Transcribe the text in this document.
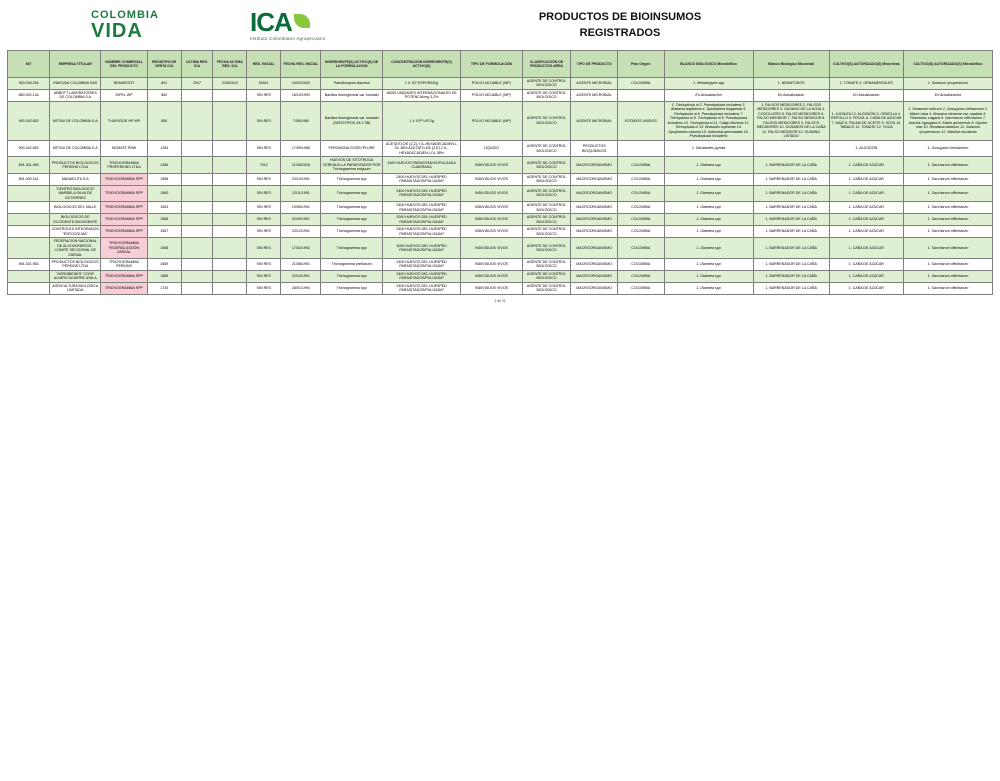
COLOMBIA
VIDA	ICA
Instituto Colombiano Agropecuario
PRODUCTOS DE BIOINSUMOS
REGISTRADOS
NIT	EMPRESA TITULAR	NOMBRE COMERCIAL DEL PRODUCTO	REGISTRO DE VENTA ICA	ULTIMA RES. ICA	FECHA ULTIMA RES. ICA	RES. INICIAL	FECHA RES. INICIAL	INGREDIENTE(S) ACTIVO(S) DE LA FORMULACION	CONCENTRACIÓN INGREDIENTE(S) ACTIVO(S)	TIPO DE FORMULACIÓN	CLASIFICACIÓN DE PRODUCTOS AREA	TIPO DE PRODUCTO	País Origen	BLANCO BIOLÓGICO Microbiflico	Blanco Biologico Micorrizal	CULTIVO(S) AUTORIZADO(S) Micorrizas	CULTIVO(S) AUTORIZADO(S) Microbiflico
900.045.254	INNOVAK COLOMBIA SAS	NEMAROOT	891	2547	2/28/2010	52511	24/02/2020	Paecilomyces lilacinus	1 X 10⁸ ESPORAS/g	POLVO MOJABLE (WP)	AGENTE DE CONTROL BIOLÓGICO	AGENTE MICROBIAL	COLOMBIA	1. Meloidogyne spp	1. NEMATODOS	1. TOMATE 2. ORNAMENTALES	1. Solanum lycopersicum
860.002.134	ABBOTT LABORATORIES DE COLOMBIA S.A	DIPEL WP	852			SIN RES	16/10/1993	Bacillus thuringiensis var. kurstaki	16000 UNIDADES INTERNACIONALES DE POTENCIA/mg 3,2%	POLVO MOJABLE (WP)	AGENTE DE CONTROL BIOLÓGICO	AGENTE MICROBIAL		En Actualización	En Actualización	En Actualización	En Actualización
900.342.652	MITSUI DE COLOMBIA S.A	THURICIDE HP WP	850			SIN RES	7/05/1980	Bacillus thuringiensis var. kurstaki (SEROTIPOS 3A Y 3B)	1 X 10¹⁶ UFC/g	POLVO MOJABLE (WP)	AGENTE DE CONTROL BIOLÓGICO	AGENTE MICROBIAL	ESTADOS UNIDOS	1. Trichoplusia ni 2. Pseudoplusia includens 3. Alabama argillacea 4. Spodoptera frugiperda 5. Trichoplusia ni 6. Pseudoplusia includens 7. Trichoplusia ni 8. Trichoplusia ni 9. Pseudoplusia includens 10. Trichoplusia ni 11. Caligo illioneus 12. Trichoplusia ni 13. Brassolis sophorae 14. Opsiphanes cassina 15. Anticarsia gemmatalis 16. Pseudoplusia includens	1. FALSOS MEDIDORES 2. FALSOS MEDIDORES 3. GUSANO DE LA HOJA 4. COGOLLERO 5. FALSO MEDIDORES 6. FALSO MEDIDOR 7. FALSO MEDIDOR 8. FALSOS MEDIDORES 9. FALSOS MEDIDORES 10. GUSANOS DE LA CAÑA 11. FALSO MEDIDOR 12. GUSANO LISTADO	1. AJONJOLÍ 2. ALGODÓN 3. CEBOLLA 4. REPOLLO 5. FRIJOL 6. CAÑA DE AZÚCAR 7. MAÍZ 8. PALMA DE ACEITE 9. SOYA 10. TABACO 11. TOMATE 12. YUCA	1. Sesamum indicum 2. Gossypium herbaceum 3. Allium cepa 4. Brassica oleracea var. capitata 5. Phaseolus vulgaris 6. Saccharum officinarum 7. Arachis hypogaea 8. Elaeis guineensis 9. Glycine max 10. Nicotiana tabacum 11. Solanum lycopersicum 12. Manihot esculenta
900.342.652	MITSUI DE COLOMBIA S.A	NOMATE PBW	1284			SIN RES	17/09/1985	FEROMONA GOSSYPLURE	ACETATO-DE (Z,Z)-7-IL-HEXADECADIEN-I-OL 38% ACETATO-DE (Z,E)-7-IL-HEXADECADIEN-I-OL 38%	LÍQUIDO	AGENTE DE CONTROL BIOLÓGICO	PRODUCTOS BIOQUIMICOS		1. Sacadodes pyralis		1. ALGODÓN	1. Gossypium herbaceum
891.301.983	PRODUCTOS BIOLÓGICOS PERKINS LTDA	TRICHOGRAMMA PROPERKINS LTDA	1286			7512	21/06/2018	HUEVOS DE SITOTROGA CEREALELLA PARASITADOS POR Trichogramma exiguum	2400 HUEVOS PARASITADOS/PULGADA CUADRADA	INDIVIDUOS VIVOS	AGENTE DE CONTROL BIOLÓGICO	MACROORGANISMO	COLOMBIA	1. Diatraea spp	1. BARRENADOR DE LA CAÑA	1. CAÑA DE AZÚCAR	1. Saccharum officinarum
891.300.241	MANUELITA S.A	TRICHOGRAMMA SPP	1558			SIN RES	23/10/1991	Trichogramma spp	2400 HUEVOS DEL HUESPED PARASITADOS/PULGADA²	INDIVIDUOS VIVOS	AGENTE DE CONTROL BIOLÓGICO	MACROORGANISMO	COLOMBIA	1. Diatraea spp	1. BARRENADOR DE LA CAÑA	1. CAÑA DE AZÚCAR	1. Saccharum officinarum
	"CENTRO BIOLOGICO" MARBELA SILVA DE GUTIERREZ	TRICHOGRAMMA SPP	1560			SIN RES	12/11/1991	Trichogramma spp	2400 HUEVOS DEL HUESPED PARASITADOS/PULGADA²	INDIVIDUOS VIVOS	AGENTE DE CONTROL BIOLÓGICO	MACROORGANISMO	COLOMBIA	1. Diatraea spp	1. BARRENADOR DE LA CAÑA	1. CAÑA DE AZÚCAR	1. Saccharum officinarum
	BIOLOGICOS DEL VALLE	TRICHOGRAMMA SPP	1563			SIN RES	19/06/1991	Trichogramma spp	2400 HUEVOS DEL HUESPED PARASITADOS/PULGADA²	INDIVIDUOS VIVOS	AGENTE DE CONTROL BIOLÓGICO	MACROORGANISMO	COLOMBIA	1. Diatraea spp	1. BARRENADOR DE LA CAÑA	1. CAÑA DE AZÚCAR	1. Saccharum officinarum
	BIOLOGICOS DE OCCIDENTE-BIOCIDENTE	TRICHOGRAMMA SPP	1566			SIN RES	02/09/1991	Trichogramma spp	2000 HUEVOS DEL HUESPED PARASITADOS/PULGADA²	INDIVIDUOS VIVOS	AGENTE DE CONTROL BIOLÓGICO	MACROORGANISMO	COLOMBIA	1. Diatraea spp	1. BARRENADOR DE LA CAÑA	1. CAÑA DE AZÚCAR	1. Saccharum officinarum
	CONTROLES INTEGRADOS "ENTOCOLMA"	TRICHOGRAMMA SPP	1567			SIN RES	23/12/1991	Trichogramma spp	2400 HUEVOS DEL HUESPED PARASITADOS/PULGADA²	INDIVIDUOS VIVOS	AGENTE DE CONTROL BIOLÓGICO	MACROORGANISMO	COLOMBIA	1. Diatraea spp	1. BARRENADOR DE LA CAÑA	1. CAÑA DE AZÚCAR	1. Saccharum officinarum
	FEDERACION NACIONAL DE ALGODONEROS - COMITE SECCIONAL DE ZARZAL	TRICHOGRAMMA FEDERALGODÓN ZARZAL	1568			SIN RES	17/02/1992	Trichogramma spp	3000 HUEVOS DEL HUESPED PARASITADOS/PULGADA²	INDIVIDUOS VIVOS	AGENTE DE CONTROL BIOLÓGICO	MACROORGANISMO	COLOMBIA	1. Diatraea spp	1. BARRENADOR DE LA CAÑA	1. CAÑA DE AZÚCAR	1. Saccharum officinarum
891.301.983	PRODUCTOS BIOLÓGICOS PERKINS LTDA	TRICHOGRAMMA PERKINS	1569			SIN RES	21/08/1991	Trichogramma pretiosum	2400 HUEVOS DEL HUESPED PARASITADOS/PULGADA²	INDIVIDUOS VIVOS	AGENTE DE CONTROL BIOLÓGICO	MACROORGANISMO	COLOMBIA	1. Diatraea spp	1. BARRENADOR DE LA CAÑA	1. CAÑA DE AZÚCAR	1. Saccharum officinarum
	"AGROBIENES" COOP. ALVARO AGUIRRE AYALA	TRICHOGRAMMA SPP	1585			SIN RES	22/10/1991	Trichogramma spp	2400 HUEVOS DEL HUESPED PARASITADOS/PULGADA²	INDIVIDUOS VIVOS	AGENTE DE CONTROL BIOLÓGICO	MACROORGANISMO	COLOMBIA	1. Diatraea spp	1. BARRENADOR DE LA CAÑA	1. CAÑA DE AZÚCAR	1. Saccharum officinarum
	AGRICULTURA BIOLOGICA LIMITADA	TRICHOGRAMMA SPP	1734			SIN RES	28/01/1994	Trichogramma spp	2400 HUEVOS DEL HUESPED PARASITADOS/PULGADA²	INDIVIDUOS VIVOS	AGENTE DE CONTROL BIOLÓGICO	MACROORGANISMO	COLOMBIA	1. Diatraea spp	1. BARRENADOR DE LA CAÑA	1. CAÑA DE AZÚCAR	1. Saccharum officinarum
1 de 21
